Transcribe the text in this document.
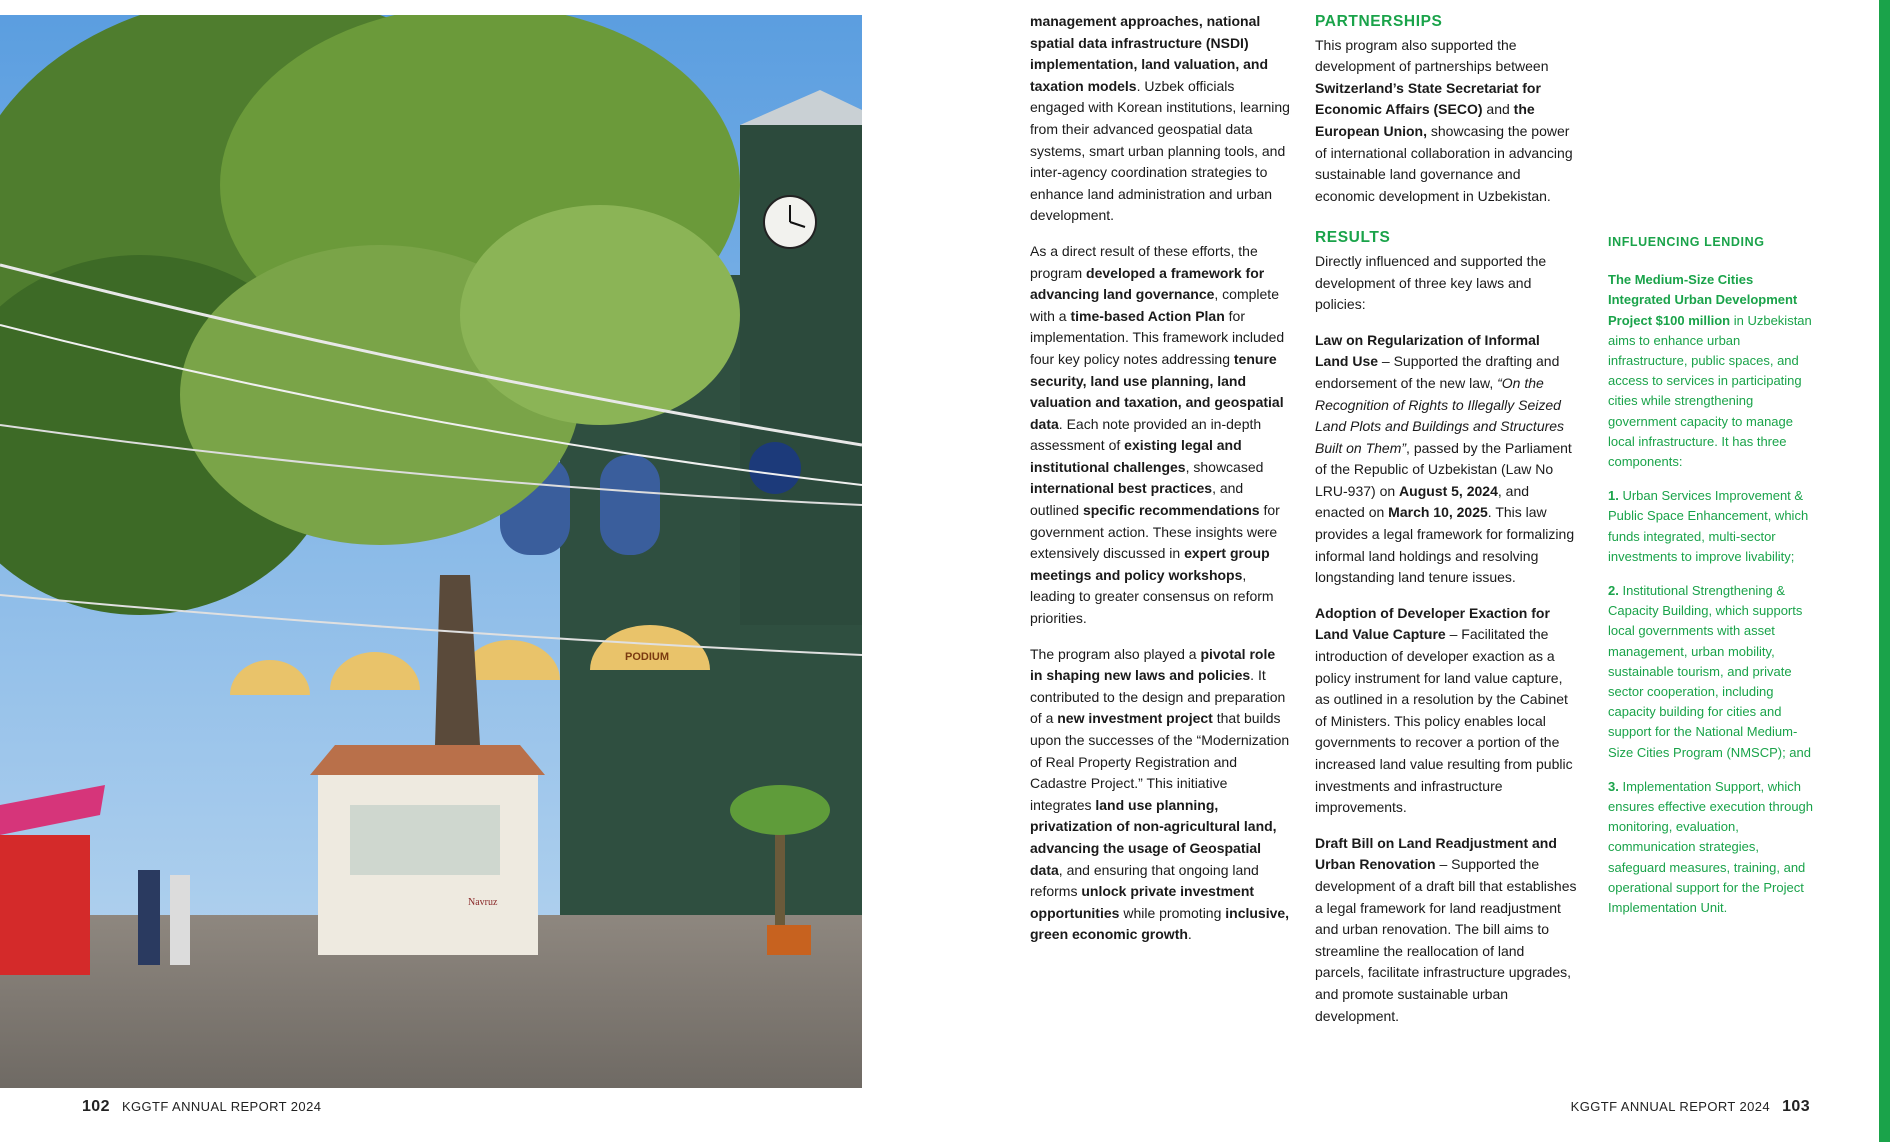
PODIUM
Navruz

management approaches, national spatial data infrastructure (NSDI) implementation, land valuation, and taxation models. Uzbek officials engaged with Korean institutions, learning from their advanced geospatial data systems, smart urban planning tools, and inter-agency coordination strategies to enhance land administration and urban development.

As a direct result of these efforts, the program developed a framework for advancing land governance, complete with a time-based Action Plan for implementation. This framework included four key policy notes addressing tenure security, land use planning, land valuation and taxation, and geospatial data. Each note provided an in-depth assessment of existing legal and institutional challenges, showcased international best practices, and outlined specific recommendations for government action. These insights were extensively discussed in expert group meetings and policy workshops, leading to greater consensus on reform priorities.

The program also played a pivotal role in shaping new laws and policies. It contributed to the design and preparation of a new investment project that builds upon the successes of the “Modernization of Real Property Registration and Cadastre Project.” This initiative integrates land use planning, privatization of non-agricultural land, advancing the usage of Geospatial data, and ensuring that ongoing land reforms unlock private investment opportunities while promoting inclusive, green economic growth.

PARTNERSHIPS

This program also supported the development of partnerships between Switzerland’s State Secretariat for Economic Affairs (SECO) and the European Union, showcasing the power of international collaboration in advancing sustainable land governance and economic development in Uzbekistan.

RESULTS

Directly influenced and supported the development of three key laws and policies:

Law on Regularization of Informal Land Use – Supported the drafting and endorsement of the new law, “On the Recognition of Rights to Illegally Seized Land Plots and Buildings and Structures Built on Them”, passed by the Parliament of the Republic of Uzbekistan (Law No LRU-937) on August 5, 2024, and enacted on March 10, 2025. This law provides a legal framework for formalizing informal land holdings and resolving longstanding land tenure issues.

Adoption of Developer Exaction for Land Value Capture – Facilitated the introduction of developer exaction as a policy instrument for land value capture, as outlined in a resolution by the Cabinet of Ministers. This policy enables local governments to recover a portion of the increased land value resulting from public investments and infrastructure improvements.

Draft Bill on Land Readjustment and Urban Renovation – Supported the development of a draft bill that establishes a legal framework for land readjustment and urban renovation. The bill aims to streamline the reallocation of land parcels, facilitate infrastructure upgrades, and promote sustainable urban development.

INFLUENCING LENDING

The Medium-Size Cities Integrated Urban Development Project $100 million in Uzbekistan aims to enhance urban infrastructure, public spaces, and access to services in participating cities while strengthening government capacity to manage local infrastructure. It has three components:

1. Urban Services Improvement & Public Space Enhancement, which funds integrated, multi-sector investments to improve livability;

2. Institutional Strengthening & Capacity Building, which supports local governments with asset management, urban mobility, sustainable tourism, and private sector cooperation, including capacity building for cities and support for the National Medium-Size Cities Program (NMSCP); and

3. Implementation Support, which ensures effective execution through monitoring, evaluation, communication strategies, safeguard measures, training, and operational support for the Project Implementation Unit.

102 KGGTF ANNUAL REPORT 2024	KGGTF ANNUAL REPORT 2024 103
